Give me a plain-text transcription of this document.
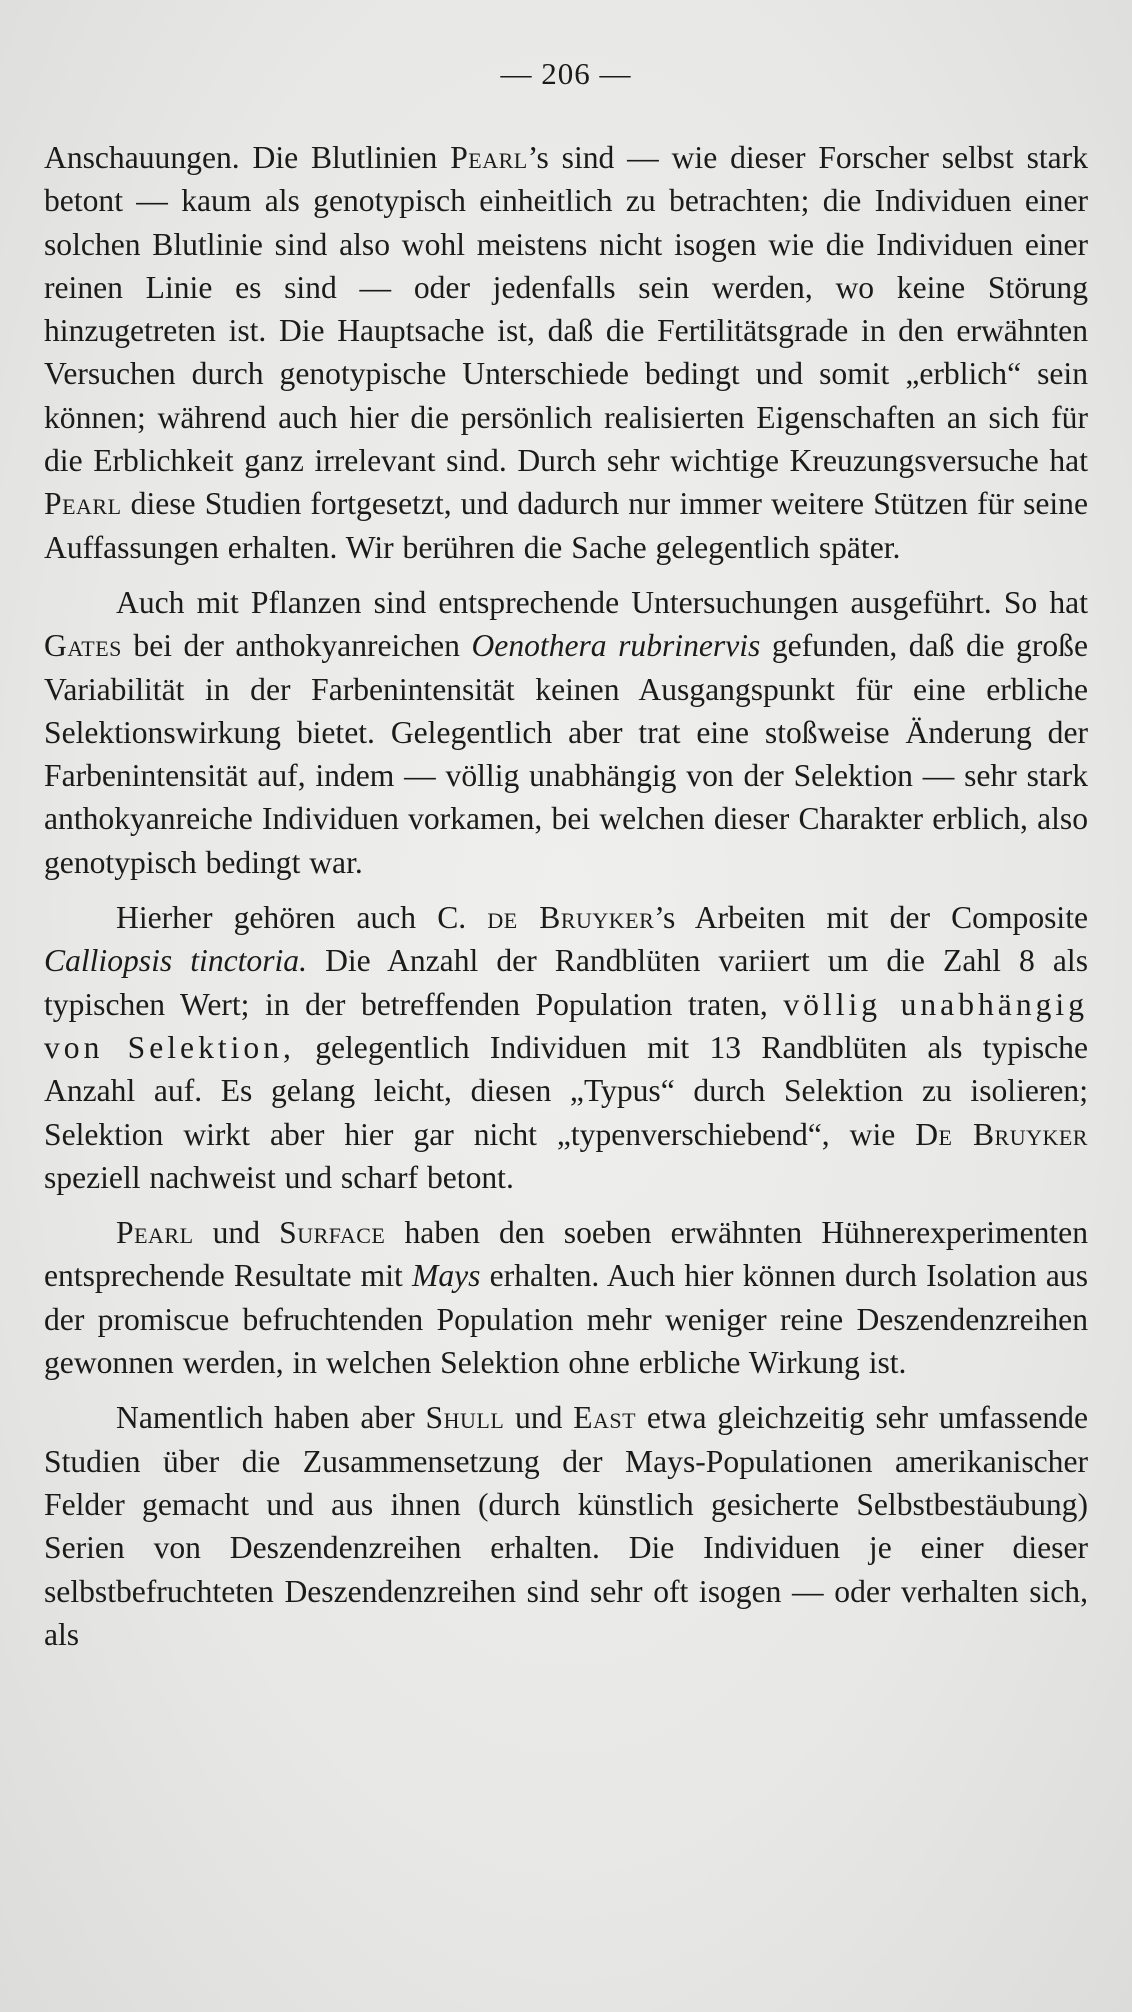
— 206 —

Anschauungen. Die Blutlinien Pearl’s sind — wie dieser Forscher selbst stark betont — kaum als genotypisch einheitlich zu betrachten; die Individuen einer solchen Blutlinie sind also wohl meistens nicht isogen wie die Individuen einer reinen Linie es sind — oder jedenfalls sein werden, wo keine Störung hinzugetreten ist. Die Hauptsache ist, daß die Fertilitätsgrade in den erwähnten Versuchen durch genotypische Unterschiede bedingt und somit „erblich“ sein können; während auch hier die persönlich realisierten Eigenschaften an sich für die Erblichkeit ganz irrelevant sind. Durch sehr wichtige Kreuzungsversuche hat Pearl diese Studien fortgesetzt, und dadurch nur immer weitere Stützen für seine Auffassungen erhalten. Wir berühren die Sache gelegentlich später.

Auch mit Pflanzen sind entsprechende Untersuchungen ausgeführt. So hat Gates bei der anthokyanreichen Oenothera rubrinervis gefunden, daß die große Variabilität in der Farbenintensität keinen Ausgangspunkt für eine erbliche Selektionswirkung bietet. Gelegentlich aber trat eine stoßweise Änderung der Farbenintensität auf, indem — völlig unabhängig von der Selektion — sehr stark anthokyanreiche Individuen vorkamen, bei welchen dieser Charakter erblich, also genotypisch bedingt war.

Hierher gehören auch C. de Bruyker’s Arbeiten mit der Composite Calliopsis tinctoria. Die Anzahl der Randblüten variiert um die Zahl 8 als typischen Wert; in der betreffenden Population traten, völlig unabhängig von Selektion, gelegentlich Individuen mit 13 Randblüten als typische Anzahl auf. Es gelang leicht, diesen „Typus“ durch Selektion zu isolieren; Selektion wirkt aber hier gar nicht „typenverschiebend“, wie De Bruyker speziell nachweist und scharf betont.

Pearl und Surface haben den soeben erwähnten Hühnerexperimenten entsprechende Resultate mit Mays erhalten. Auch hier können durch Isolation aus der promiscue befruchtenden Population mehr weniger reine Deszendenzreihen gewonnen werden, in welchen Selektion ohne erbliche Wirkung ist.

Namentlich haben aber Shull und East etwa gleichzeitig sehr umfassende Studien über die Zusammensetzung der Mays-Populationen amerikanischer Felder gemacht und aus ihnen (durch künstlich gesicherte Selbstbestäubung) Serien von Deszendenzreihen erhalten. Die Individuen je einer dieser selbstbefruchteten Deszendenzreihen sind sehr oft isogen — oder verhalten sich, als
